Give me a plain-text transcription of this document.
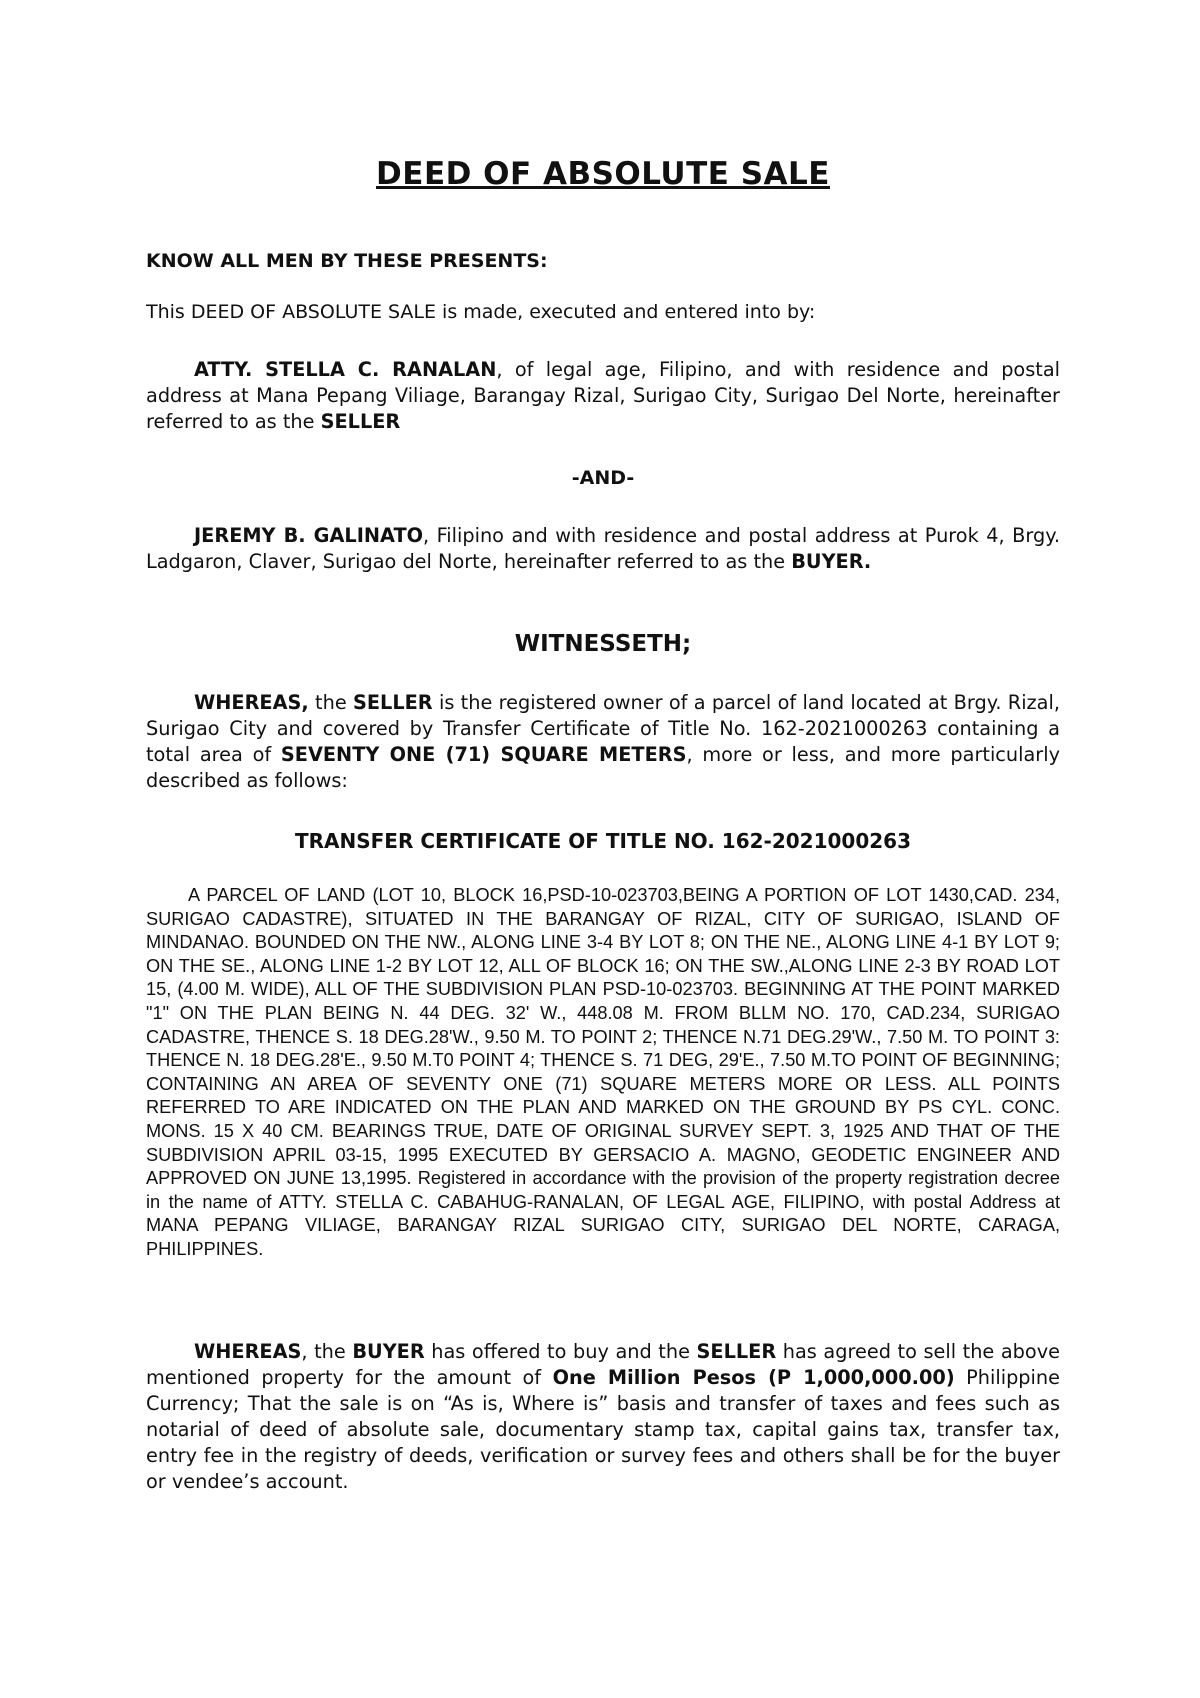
DEED OF ABSOLUTE SALE

KNOW ALL MEN BY THESE PRESENTS:

This DEED OF ABSOLUTE SALE is made, executed and entered into by:

ATTY. STELLA C. RANALAN, of legal age, Filipino, and with residence and postal address at Mana Pepang Viliage, Barangay Rizal, Surigao City, Surigao Del Norte, hereinafter referred to as the SELLER

-AND-

JEREMY B. GALINATO, Filipino and with residence and postal address at Purok 4, Brgy. Ladgaron, Claver, Surigao del Norte, hereinafter referred to as the BUYER.

WITNESSETH;

WHEREAS, the SELLER is the registered owner of a parcel of land located at Brgy. Rizal, Surigao City and covered by Transfer Certificate of Title No. 162-2021000263 containing a total area of SEVENTY ONE (71) SQUARE METERS, more or less, and more particularly described as follows:

TRANSFER CERTIFICATE OF TITLE NO. 162-2021000263

A PARCEL OF LAND (LOT 10, BLOCK 16,PSD-10-023703,BEING A PORTION OF LOT 1430,CAD. 234, SURIGAO CADASTRE), SITUATED IN THE BARANGAY OF RIZAL, CITY OF SURIGAO, ISLAND OF MINDANAO. BOUNDED ON THE NW., ALONG LINE 3-4 BY LOT 8; ON THE NE., ALONG LINE 4-1 BY LOT 9; ON THE SE., ALONG LINE 1-2 BY LOT 12, ALL OF BLOCK 16; ON THE SW.,ALONG LINE 2-3 BY ROAD LOT 15, (4.00 M. WIDE), ALL OF THE SUBDIVISION PLAN PSD-10-023703. BEGINNING AT THE POINT MARKED "1" ON THE PLAN BEING N. 44 DEG. 32' W., 448.08 M. FROM BLLM NO. 170, CAD.234, SURIGAO CADASTRE, THENCE S. 18 DEG.28'W., 9.50 M. TO POINT 2; THENCE N.71 DEG.29'W., 7.50 M. TO POINT 3: THENCE N. 18 DEG.28'E., 9.50 M.T0 POINT 4; THENCE S. 71 DEG, 29'E., 7.50 M.TO POINT OF BEGINNING; CONTAINING AN AREA OF SEVENTY ONE (71) SQUARE METERS MORE OR LESS. ALL POINTS REFERRED TO ARE INDICATED ON THE PLAN AND MARKED ON THE GROUND BY PS CYL. CONC. MONS. 15 X 40 CM. BEARINGS TRUE, DATE OF ORIGINAL SURVEY SEPT. 3, 1925 AND THAT OF THE SUBDIVISION APRIL 03-15, 1995 EXECUTED BY GERSACIO A. MAGNO, GEODETIC ENGINEER AND APPROVED ON JUNE 13,1995. Registered in accordance with the provision of the property registration decree in the name of ATTY. STELLA C. CABAHUG-RANALAN, OF LEGAL AGE, FILIPINO, with postal Address at MANA PEPANG VILIAGE, BARANGAY RIZAL SURIGAO CITY, SURIGAO DEL NORTE, CARAGA, PHILIPPINES.

WHEREAS, the BUYER has offered to buy and the SELLER has agreed to sell the above mentioned property for the amount of One Million Pesos (P 1,000,000.00) Philippine Currency; That the sale is on “As is, Where is” basis and transfer of taxes and fees such as notarial of deed of absolute sale, documentary stamp tax, capital gains tax, transfer tax, entry fee in the registry of deeds, verification or survey fees and others shall be for the buyer or vendee’s account.
